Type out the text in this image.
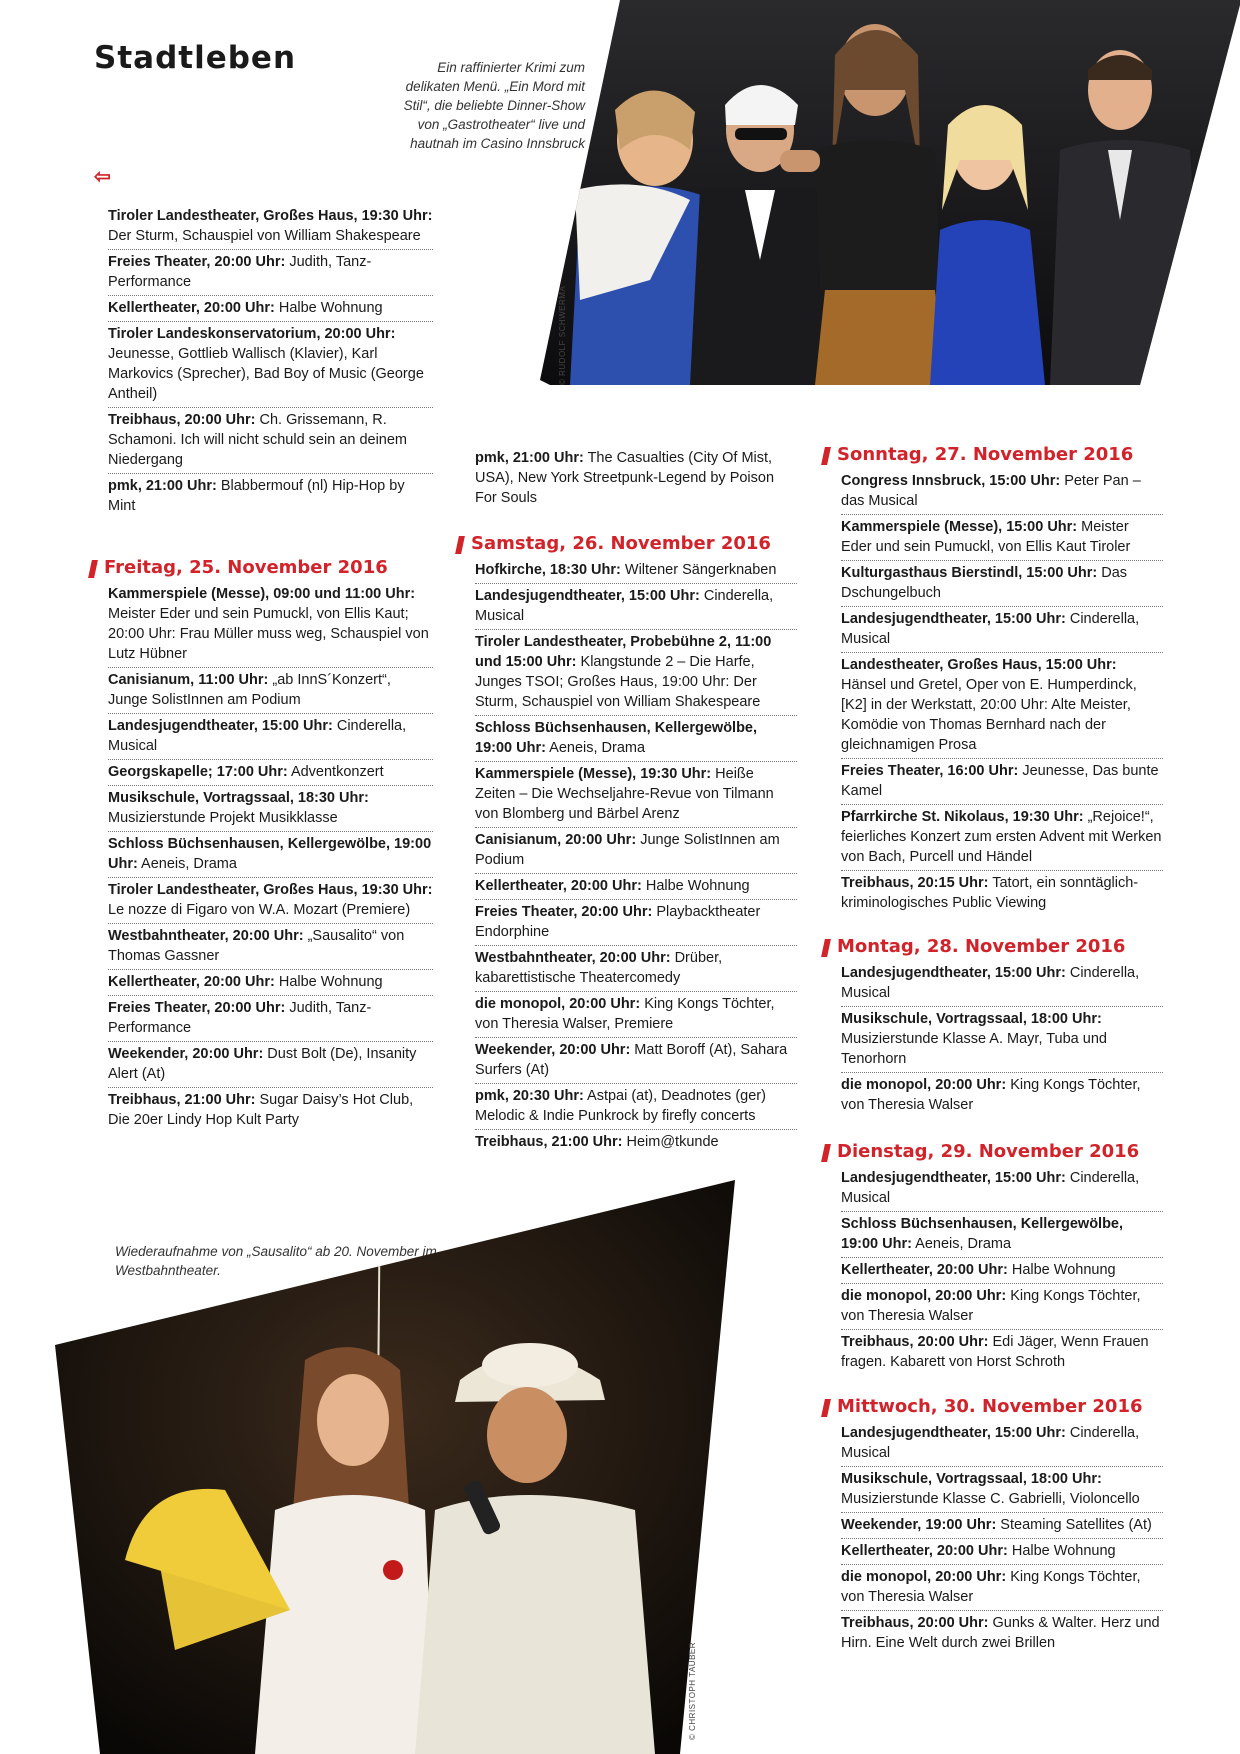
© RUDOLF SCHWERMA
Stadtleben
⇦
Ein raffinierter Krimi zum delikaten Menü. „Ein Mord mit Stil“, die beliebte Dinner-Show von „Gastrotheater“ live und hautnah im Casino Innsbruck
Tiroler Landestheater, Großes Haus, 19:30 Uhr: Der Sturm, Schauspiel von William Shakespeare
Freies Theater, 20:00 Uhr: Judith, Tanz-Performance
Kellertheater, 20:00 Uhr: Halbe Wohnung
Tiroler Landeskonservatorium, 20:00 Uhr: Jeunesse, Gottlieb Wallisch (Klavier), Karl Markovics (Sprecher), Bad Boy of Music (George Antheil)
Treibhaus, 20:00 Uhr: Ch. Grissemann, R. Schamoni. Ich will nicht schuld sein an deinem Niedergang
pmk, 21:00 Uhr: Blabbermouf (nl) Hip-Hop by Mint
Freitag, 25. November 2016
Kammerspiele (Messe), 09:00 und 11:00 Uhr: Meister Eder und sein Pumuckl, von Ellis Kaut; 20:00 Uhr: Frau Müller muss weg, Schauspiel von Lutz Hübner
Canisianum, 11:00 Uhr: „ab InnS´Konzert“, Junge SolistInnen am Podium
Landesjugendtheater, 15:00 Uhr: Cinderella, Musical
Georgskapelle; 17:00 Uhr: Adventkonzert
Musikschule, Vortragssaal, 18:30 Uhr: Musizierstunde Projekt Musikklasse
Schloss Büchsenhausen, Kellergewölbe, 19:00 Uhr: Aeneis, Drama
Tiroler Landestheater, Großes Haus, 19:30 Uhr: Le nozze di Figaro von W.A. Mozart (Premiere)
Westbahntheater, 20:00 Uhr: „Sausalito“ von Thomas Gassner
Kellertheater, 20:00 Uhr: Halbe Wohnung
Freies Theater, 20:00 Uhr: Judith, Tanz-Performance
Weekender, 20:00 Uhr: Dust Bolt (De), Insanity Alert (At)
Treibhaus, 21:00 Uhr: Sugar Daisy’s Hot Club, Die 20er Lindy Hop Kult Party
pmk, 21:00 Uhr: The Casualties (City Of Mist, USA), New York Streetpunk-Legend by Poison For Souls
Samstag, 26. November 2016
Hofkirche, 18:30 Uhr: Wiltener Sängerknaben
Landesjugendtheater, 15:00 Uhr: Cinderella, Musical
Tiroler Landestheater, Probebühne 2, 11:00 und 15:00 Uhr: Klangstunde 2 – Die Harfe, Junges TSOI; Großes Haus, 19:00 Uhr: Der Sturm, Schauspiel von William Shakespeare
Schloss Büchsenhausen, Kellergewölbe, 19:00 Uhr: Aeneis, Drama
Kammerspiele (Messe), 19:30 Uhr: Heiße Zeiten – Die Wechseljahre-Revue von Tilmann von Blomberg und Bärbel Arenz
Canisianum, 20:00 Uhr: Junge SolistInnen am Podium
Kellertheater, 20:00 Uhr: Halbe Wohnung
Freies Theater, 20:00 Uhr: Playbacktheater Endorphine
Westbahntheater, 20:00 Uhr: Drüber, kabarettistische Theatercomedy
die monopol, 20:00 Uhr: King Kongs Töchter, von Theresia Walser, Premiere
Weekender, 20:00 Uhr: Matt Boroff (At), Sahara Surfers (At)
pmk, 20:30 Uhr: Astpai (at), Deadnotes (ger) Melodic & Indie Punkrock by firefly concerts
Treibhaus, 21:00 Uhr: Heim@tkunde
Sonntag, 27. November 2016
Congress Innsbruck, 15:00 Uhr: Peter Pan – das Musical
Kammerspiele (Messe), 15:00 Uhr: Meister Eder und sein Pumuckl, von Ellis Kaut Tiroler
Kulturgasthaus Bierstindl, 15:00 Uhr: Das Dschungelbuch
Landesjugendtheater, 15:00 Uhr: Cinderella, Musical
Landestheater, Großes Haus, 15:00 Uhr: Hänsel und Gretel, Oper von E. Humperdinck, [K2] in der Werkstatt, 20:00 Uhr: Alte Meister, Komödie von Thomas Bernhard nach der gleichnamigen Prosa
Freies Theater, 16:00 Uhr: Jeunesse, Das bunte Kamel
Pfarrkirche St. Nikolaus, 19:30 Uhr: „Rejoice!“, feierliches Konzert zum ersten Advent mit Werken von Bach, Purcell und Händel
Treibhaus, 20:15 Uhr: Tatort, ein sonntäglich-kriminologisches Public Viewing
Montag, 28. November 2016
Landesjugendtheater, 15:00 Uhr: Cinderella, Musical
Musikschule, Vortragssaal, 18:00 Uhr: Musizierstunde Klasse A. Mayr, Tuba und Tenorhorn
die monopol, 20:00 Uhr: King Kongs Töchter, von Theresia Walser
Dienstag, 29. November 2016
Landesjugendtheater, 15:00 Uhr: Cinderella, Musical
Schloss Büchsenhausen, Kellergewölbe, 19:00 Uhr: Aeneis, Drama
Kellertheater, 20:00 Uhr: Halbe Wohnung
die monopol, 20:00 Uhr: King Kongs Töchter, von Theresia Walser
Treibhaus, 20:00 Uhr: Edi Jäger, Wenn Frauen fragen. Kabarett von Horst Schroth
Mittwoch, 30. November 2016
Landesjugendtheater, 15:00 Uhr: Cinderella, Musical
Musikschule, Vortragssaal, 18:00 Uhr: Musizierstunde Klasse C. Gabrielli, Violoncello
Weekender, 19:00 Uhr: Steaming Satellites (At)
Kellertheater, 20:00 Uhr: Halbe Wohnung
die monopol, 20:00 Uhr: King Kongs Töchter, von Theresia Walser
Treibhaus, 20:00 Uhr: Gunks & Walter. Herz und Hirn. Eine Welt durch zwei Brillen
Wiederaufnahme von „Sausalito“ ab 20. November im Westbahntheater.
© CHRISTOPH TAUBER
